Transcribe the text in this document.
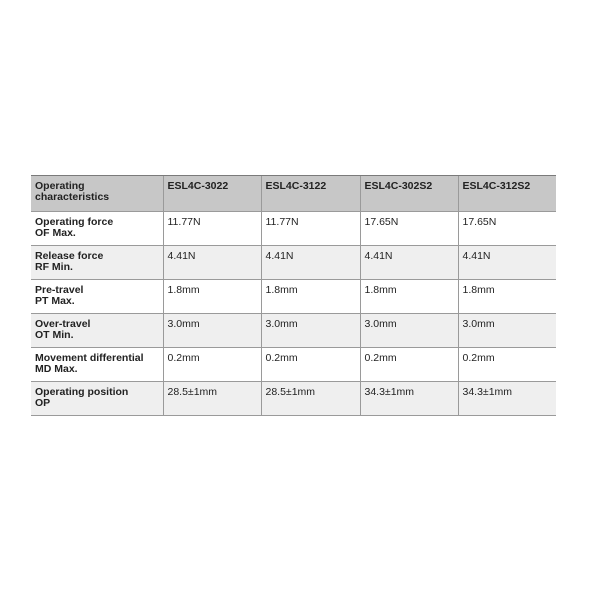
Operating
characteristics	ESL4C-3022	ESL4C-3122	ESL4C-302S2	ESL4C-312S2

Operating force
OF Max.	11.77N	11.77N	17.65N	17.65N

Release force
RF Min.	4.41N	4.41N	4.41N	4.41N

Pre-travel
PT Max.	1.8mm	1.8mm	1.8mm	1.8mm

Over-travel
OT Min.	3.0mm	3.0mm	3.0mm	3.0mm

Movement differential
MD Max.	0.2mm	0.2mm	0.2mm	0.2mm

Operating position
OP	28.5±1mm	28.5±1mm	34.3±1mm	34.3±1mm
